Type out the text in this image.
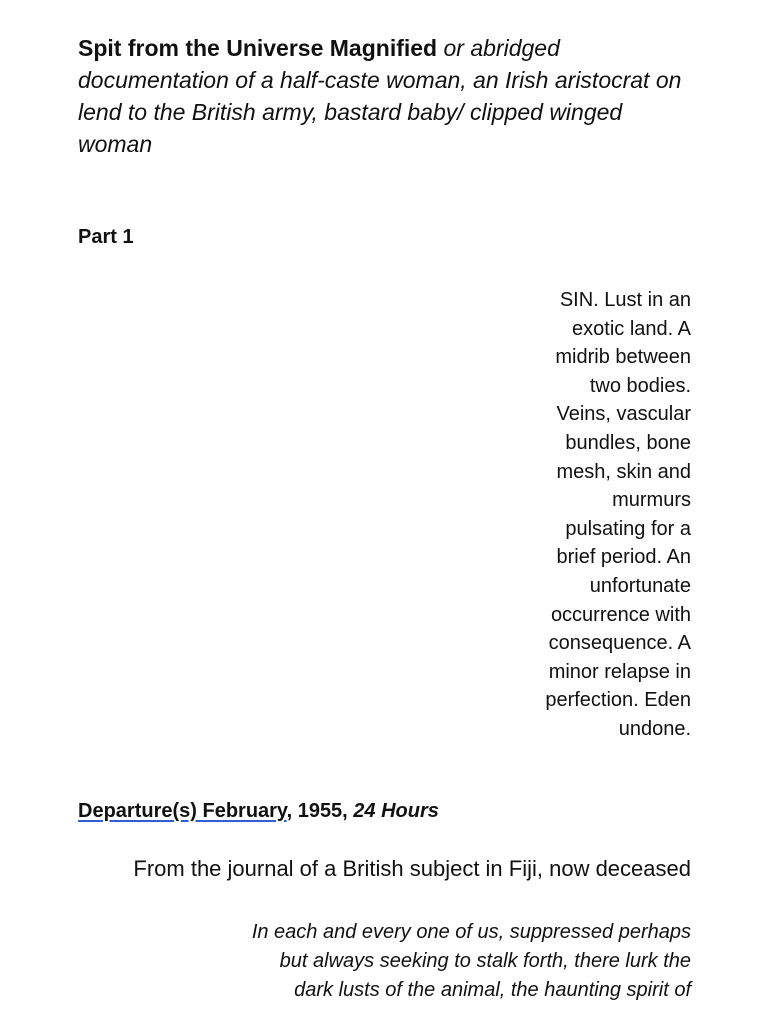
Spit from the Universe Magnified or abridged documentation of a half-caste woman, an Irish aristocrat on lend to the British army, bastard baby/ clipped winged woman
Part 1
SIN. Lust in an exotic land. A midrib between two bodies. Veins, vascular bundles, bone mesh, skin and murmurs pulsating for a brief period. An unfortunate occurrence with consequence. A minor relapse in perfection. Eden undone.
Departure(s) February, 1955, 24 Hours
From the journal of a British subject in Fiji, now deceased
In each and every one of us, suppressed perhaps
but always seeking to stalk forth, there lurk the
dark lusts of the animal, the haunting spirit of
